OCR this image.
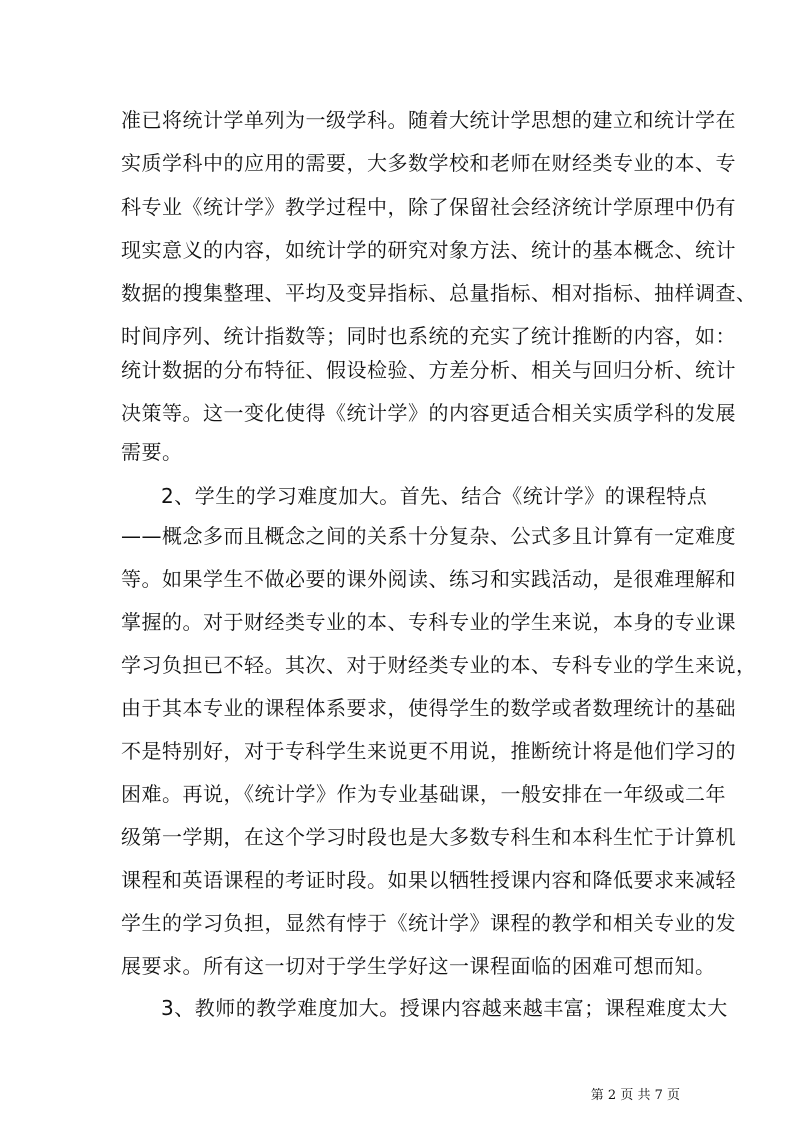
准已将统计学单列为一级学科。随着大统计学思想的建立和统计学在
实质学科中的应用的需要，大多数学校和老师在财经类专业的本、专
科专业《统计学》教学过程中，除了保留社会经济统计学原理中仍有
现实意义的内容，如统计学的研究对象方法、统计的基本概念、统计
数据的搜集整理、平均及变异指标、总量指标、相对指标、抽样调查、
时间序列、统计指数等；同时也系统的充实了统计推断的内容，如：
统计数据的分布特征、假设检验、方差分析、相关与回归分析、统计
决策等。这一变化使得《统计学》的内容更适合相关实质学科的发展
需要。
2、学生的学习难度加大。首先、结合《统计学》的课程特点
——概念多而且概念之间的关系十分复杂、公式多且计算有一定难度
等。如果学生不做必要的课外阅读、练习和实践活动，是很难理解和
掌握的。对于财经类专业的本、专科专业的学生来说，本身的专业课
学习负担已不轻。其次、对于财经类专业的本、专科专业的学生来说，
由于其本专业的课程体系要求，使得学生的数学或者数理统计的基础
不是特别好，对于专科学生来说更不用说，推断统计将是他们学习的
困难。再说，《统计学》作为专业基础课，一般安排在一年级或二年
级第一学期，在这个学习时段也是大多数专科生和本科生忙于计算机
课程和英语课程的考证时段。如果以牺牲授课内容和降低要求来减轻
学生的学习负担，显然有悖于《统计学》课程的教学和相关专业的发
展要求。所有这一切对于学生学好这一课程面临的困难可想而知。
3、教师的教学难度加大。授课内容越来越丰富；课程难度太大
第 2 页 共 7 页
